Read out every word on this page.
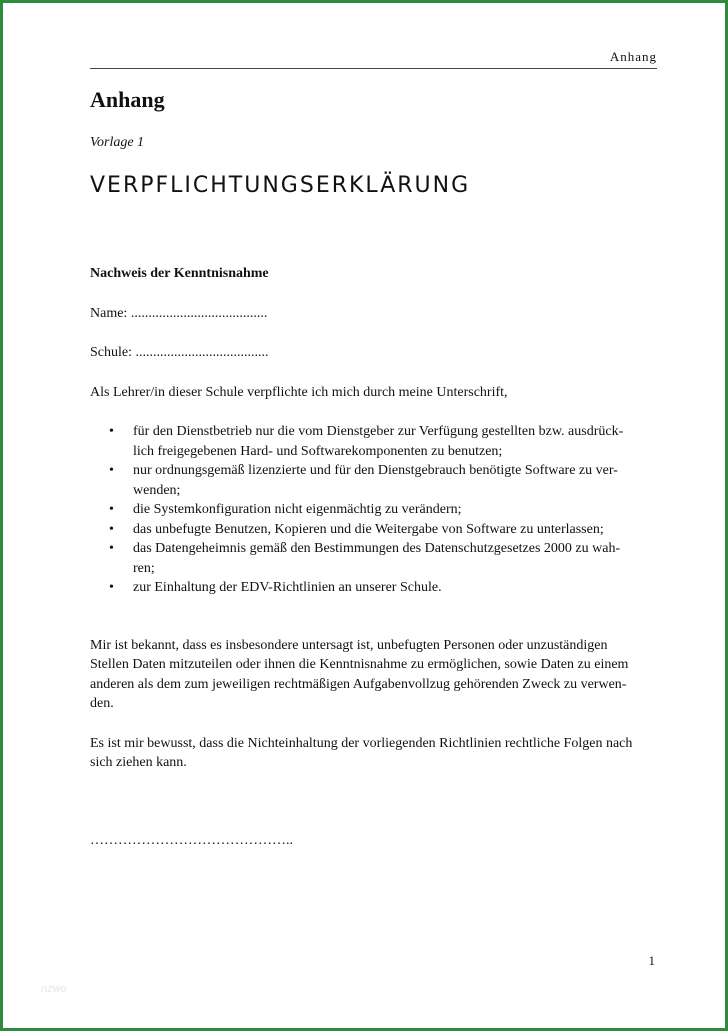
Anhang
Anhang
Vorlage 1
VERPFLICHTUNGSERKLÄRUNG

Nachweis der Kenntnisnahme

Name: .......................................

Schule: ......................................

Als Lehrer/in dieser Schule verpflichte ich mich durch meine Unterschrift,

• für den Dienstbetrieb nur die vom Dienstgeber zur Verfügung gestellten bzw. ausdrück-
lich freigegebenen Hard- und Softwarekomponenten zu benutzen;
• nur ordnungsgemäß lizenzierte und für den Dienstgebrauch benötigte Software zu ver-
wenden;
• die Systemkonfiguration nicht eigenmächtig zu verändern;
• das unbefugte Benutzen, Kopieren und die Weitergabe von Software zu unterlassen;
• das Datengeheimnis gemäß den Bestimmungen des Datenschutzgesetzes 2000 zu wah-
ren;
• zur Einhaltung der EDV-Richtlinien an unserer Schule.

Mir ist bekannt, dass es insbesondere untersagt ist, unbefugten Personen oder unzuständigen
Stellen Daten mitzuteilen oder ihnen die Kenntnisnahme zu ermöglichen, sowie Daten zu einem
anderen als dem zum jeweiligen rechtmäßigen Aufgabenvollzug gehörenden Zweck zu verwen-
den.

Es ist mir bewusst, dass die Nichteinhaltung der vorliegenden Richtlinien rechtliche Folgen nach
sich ziehen kann.

……………………………………..

1
nzwo
